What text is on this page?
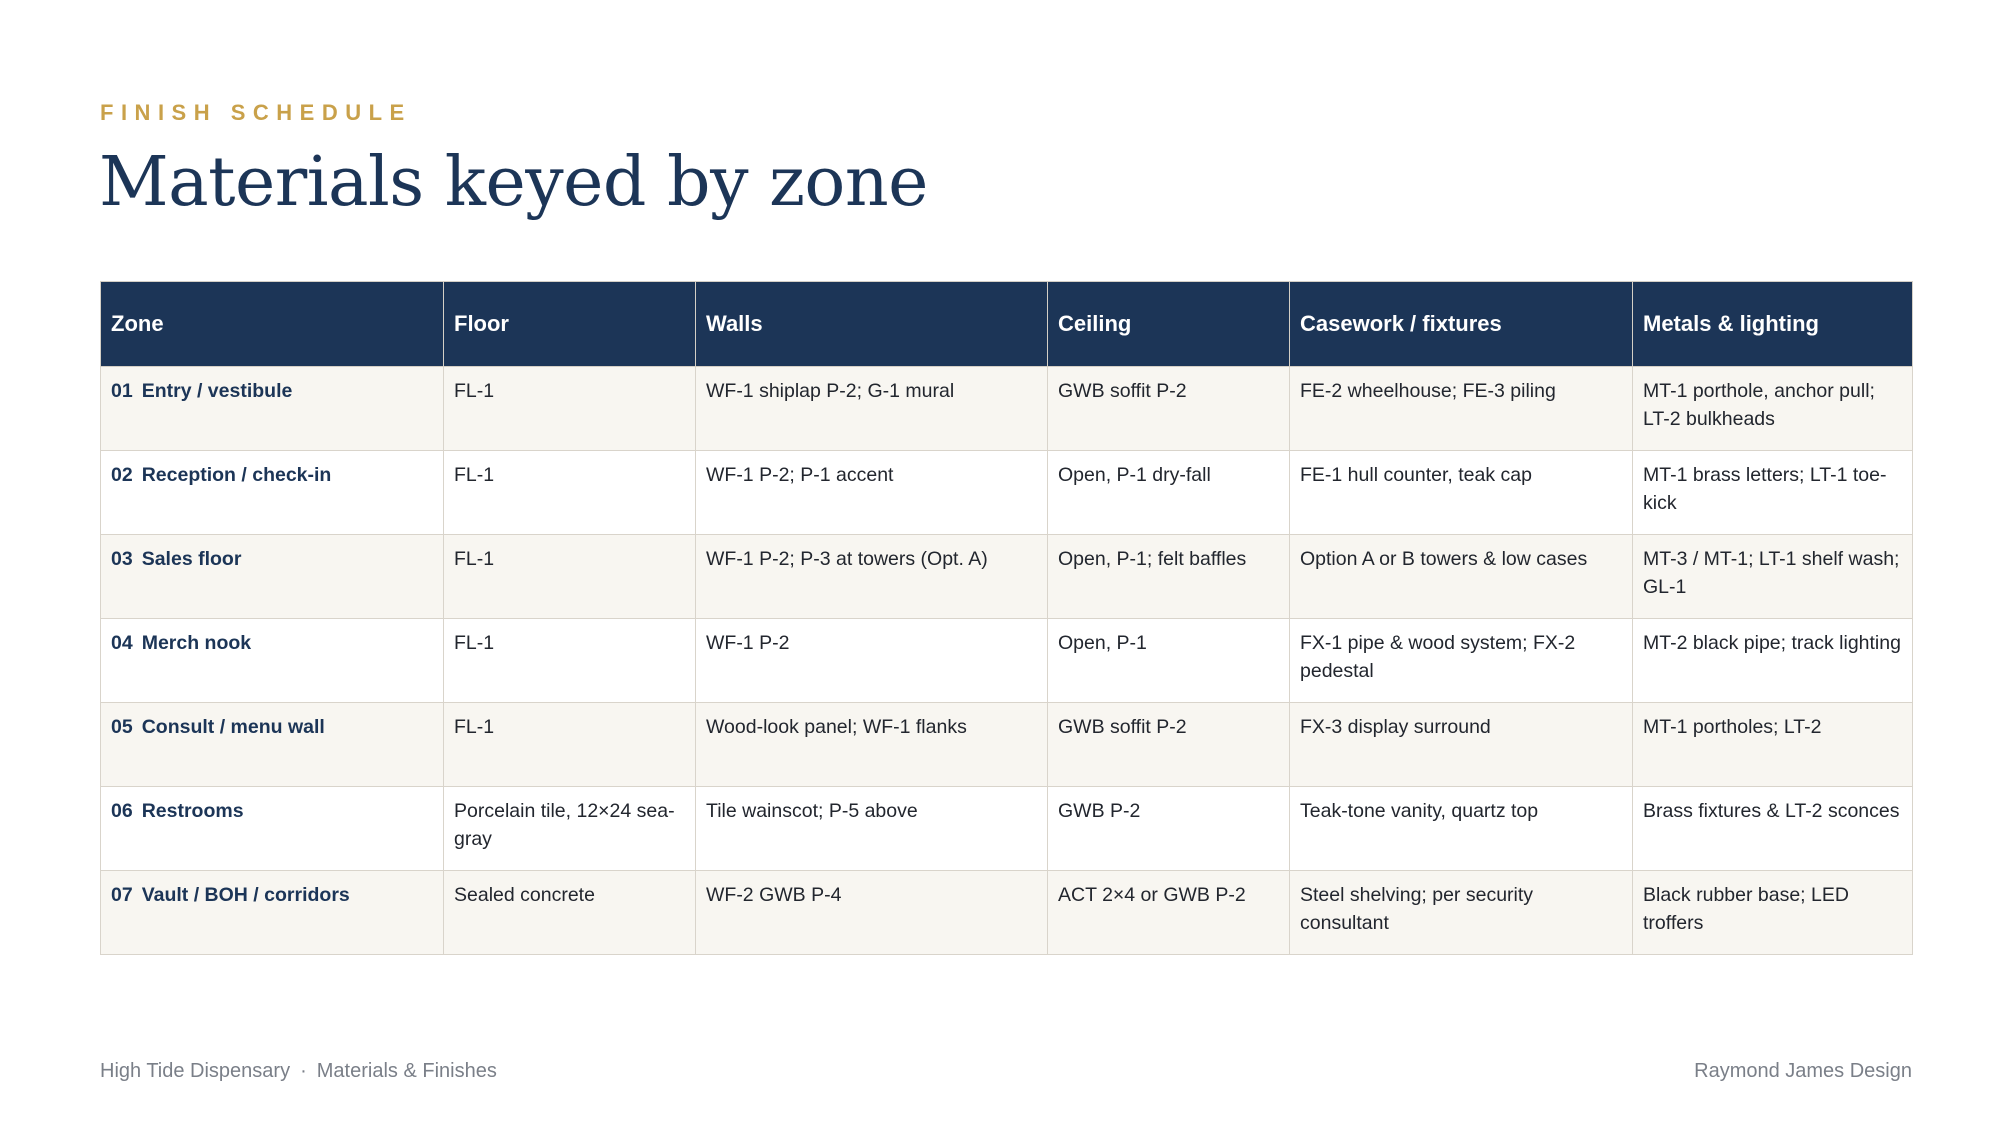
FINISH SCHEDULE
Materials keyed by zone
Zone	Floor	Walls	Ceiling	Casework / fixtures	Metals & lighting
01 Entry / vestibule	FL-1	WF-1 shiplap P-2; G-1 mural	GWB soffit P-2	FE-2 wheelhouse; FE-3 piling	MT-1 porthole, anchor pull; LT-2 bulkheads
02 Reception / check-in	FL-1	WF-1 P-2; P-1 accent	Open, P-1 dry-fall	FE-1 hull counter, teak cap	MT-1 brass letters; LT-1 toe-kick
03 Sales floor	FL-1	WF-1 P-2; P-3 at towers (Opt. A)	Open, P-1; felt baffles	Option A or B towers & low cases	MT-3 / MT-1; LT-1 shelf wash; GL-1
04 Merch nook	FL-1	WF-1 P-2	Open, P-1	FX-1 pipe & wood system; FX-2 pedestal	MT-2 black pipe; track lighting
05 Consult / menu wall	FL-1	Wood-look panel; WF-1 flanks	GWB soffit P-2	FX-3 display surround	MT-1 portholes; LT-2
06 Restrooms	Porcelain tile, 12×24 sea-gray	Tile wainscot; P-5 above	GWB P-2	Teak-tone vanity, quartz top	Brass fixtures & LT-2 sconces
07 Vault / BOH / corridors	Sealed concrete	WF-2 GWB P-4	ACT 2×4 or GWB P-2	Steel shelving; per security consultant	Black rubber base; LED troffers
High Tide Dispensary · Materials & Finishes	Raymond James Design
